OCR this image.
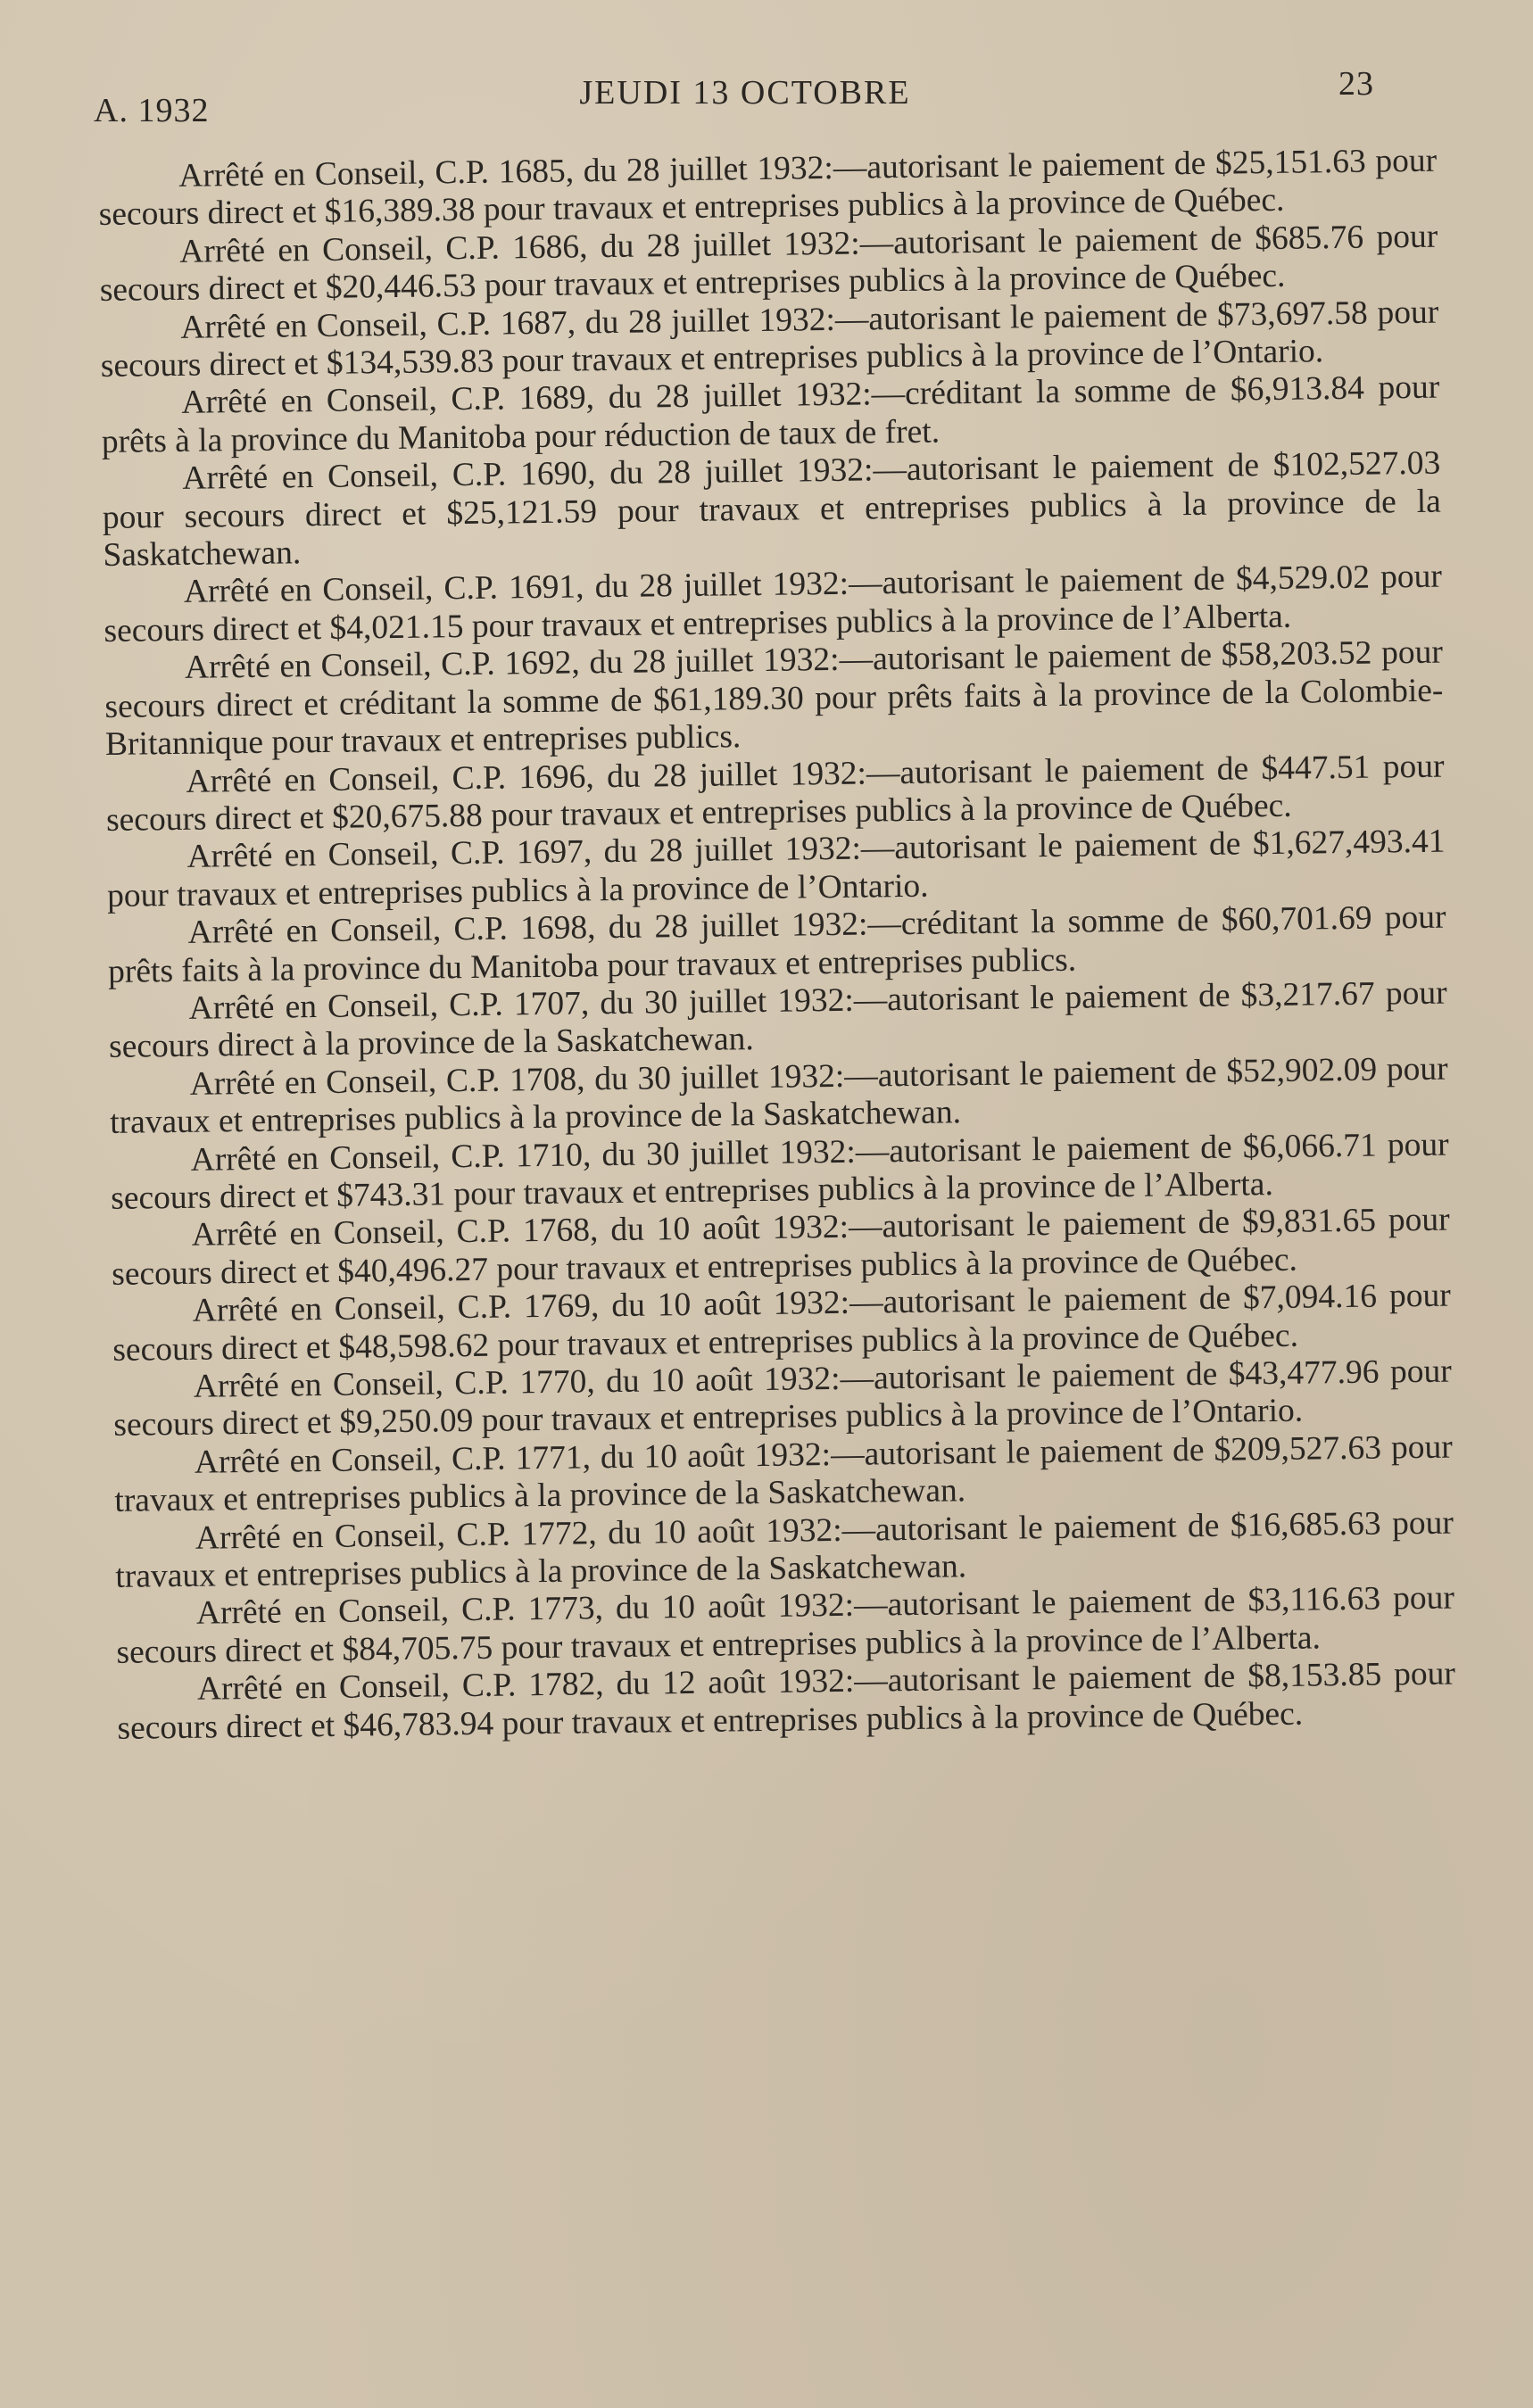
A. 1932	JEUDI 13 OCTOBRE	23

Arrêté en Conseil, C.P. 1685, du 28 juillet 1932:—autorisant le paiement de $25,151.63 pour secours direct et $16,389.38 pour travaux et entreprises publics à la province de Québec.

Arrêté en Conseil, C.P. 1686, du 28 juillet 1932:—autorisant le paiement de $685.76 pour secours direct et $20,446.53 pour travaux et entreprises publics à la province de Québec.

Arrêté en Conseil, C.P. 1687, du 28 juillet 1932:—autorisant le paiement de $73,697.58 pour secours direct et $134,539.83 pour travaux et entreprises publics à la province de l’Ontario.

Arrêté en Conseil, C.P. 1689, du 28 juillet 1932:—créditant la somme de $6,913.84 pour prêts à la province du Manitoba pour réduction de taux de fret.

Arrêté en Conseil, C.P. 1690, du 28 juillet 1932:—autorisant le paiement de $102,527.03 pour secours direct et $25,121.59 pour travaux et entreprises publics à la province de la Saskatchewan.

Arrêté en Conseil, C.P. 1691, du 28 juillet 1932:—autorisant le paiement de $4,529.02 pour secours direct et $4,021.15 pour travaux et entreprises publics à la province de l’Alberta.

Arrêté en Conseil, C.P. 1692, du 28 juillet 1932:—autorisant le paiement de $58,203.52 pour secours direct et créditant la somme de $61,189.30 pour prêts faits à la province de la Colombie-Britannique pour travaux et entreprises publics.

Arrêté en Conseil, C.P. 1696, du 28 juillet 1932:—autorisant le paiement de $447.51 pour secours direct et $20,675.88 pour travaux et entreprises publics à la province de Québec.

Arrêté en Conseil, C.P. 1697, du 28 juillet 1932:—autorisant le paiement de $1,627,493.41 pour travaux et entreprises publics à la province de l’Ontario.

Arrêté en Conseil, C.P. 1698, du 28 juillet 1932:—créditant la somme de $60,701.69 pour prêts faits à la province du Manitoba pour travaux et entreprises publics.

Arrêté en Conseil, C.P. 1707, du 30 juillet 1932:—autorisant le paiement de $3,217.67 pour secours direct à la province de la Saskatchewan.

Arrêté en Conseil, C.P. 1708, du 30 juillet 1932:—autorisant le paiement de $52,902.09 pour travaux et entreprises publics à la province de la Saskatchewan.

Arrêté en Conseil, C.P. 1710, du 30 juillet 1932:—autorisant le paiement de $6,066.71 pour secours direct et $743.31 pour travaux et entreprises publics à la province de l’Alberta.

Arrêté en Conseil, C.P. 1768, du 10 août 1932:—autorisant le paiement de $9,831.65 pour secours direct et $40,496.27 pour travaux et entreprises publics à la province de Québec.

Arrêté en Conseil, C.P. 1769, du 10 août 1932:—autorisant le paiement de $7,094.16 pour secours direct et $48,598.62 pour travaux et entreprises publics à la province de Québec.

Arrêté en Conseil, C.P. 1770, du 10 août 1932:—autorisant le paiement de $43,477.96 pour secours direct et $9,250.09 pour travaux et entreprises publics à la province de l’Ontario.

Arrêté en Conseil, C.P. 1771, du 10 août 1932:—autorisant le paiement de $209,527.63 pour travaux et entreprises publics à la province de la Saskatchewan.

Arrêté en Conseil, C.P. 1772, du 10 août 1932:—autorisant le paiement de $16,685.63 pour travaux et entreprises publics à la province de la Saskatchewan.

Arrêté en Conseil, C.P. 1773, du 10 août 1932:—autorisant le paiement de $3,116.63 pour secours direct et $84,705.75 pour travaux et entreprises publics à la province de l’Alberta.

Arrêté en Conseil, C.P. 1782, du 12 août 1932:—autorisant le paiement de $8,153.85 pour secours direct et $46,783.94 pour travaux et entreprises publics à la province de Québec.
